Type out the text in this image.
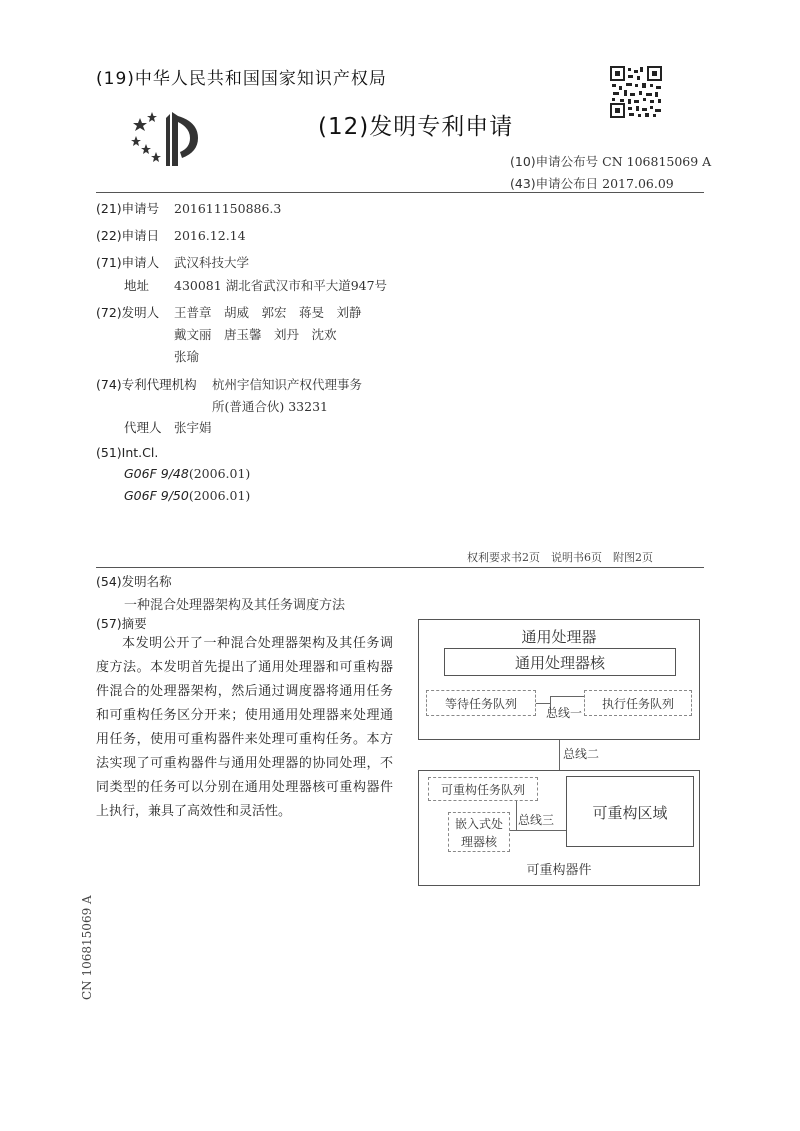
(19)中华人民共和国国家知识产权局
(12)发明专利申请
(10)申请公布号 CN 106815069 A
(43)申请公布日 2017.06.09
(21)申请号 201611150886.3
(22)申请日 2016.12.14
(71)申请人 武汉科技大学
地址 430081 湖北省武汉市和平大道947号
(72)发明人 王普章　胡威　郭宏　蒋旻　刘静
戴文丽　唐玉馨　刘丹　沈欢
张瑜
(74)专利代理机构 杭州宇信知识产权代理事务
所(普通合伙) 33231
代理人 张宇娟
(51)Int.Cl.
G06F 9/48(2006.01)
G06F 9/50(2006.01)
权利要求书2页　说明书6页　附图2页
(54)发明名称
一种混合处理器架构及其任务调度方法
(57)摘要
本发明公开了一种混合处理器架构及其任务调度方法。本发明首先提出了通用处理器和可重构器件混合的处理器架构，然后通过调度器将通用任务和可重构任务区分开来；使用通用处理器来处理通用任务，使用可重构器件来处理可重构任务。本方法实现了可重构器件与通用处理器的协同处理，不同类型的任务可以分别在通用处理器核可重构器件上执行，兼具了高效性和灵活性。
通用处理器
通用处理器核
等待任务队列	执行任务队列
总线一
总线二
可重构任务队列
可重构区域
嵌入式处
理器核
总线三
可重构器件
CN 106815069 A
